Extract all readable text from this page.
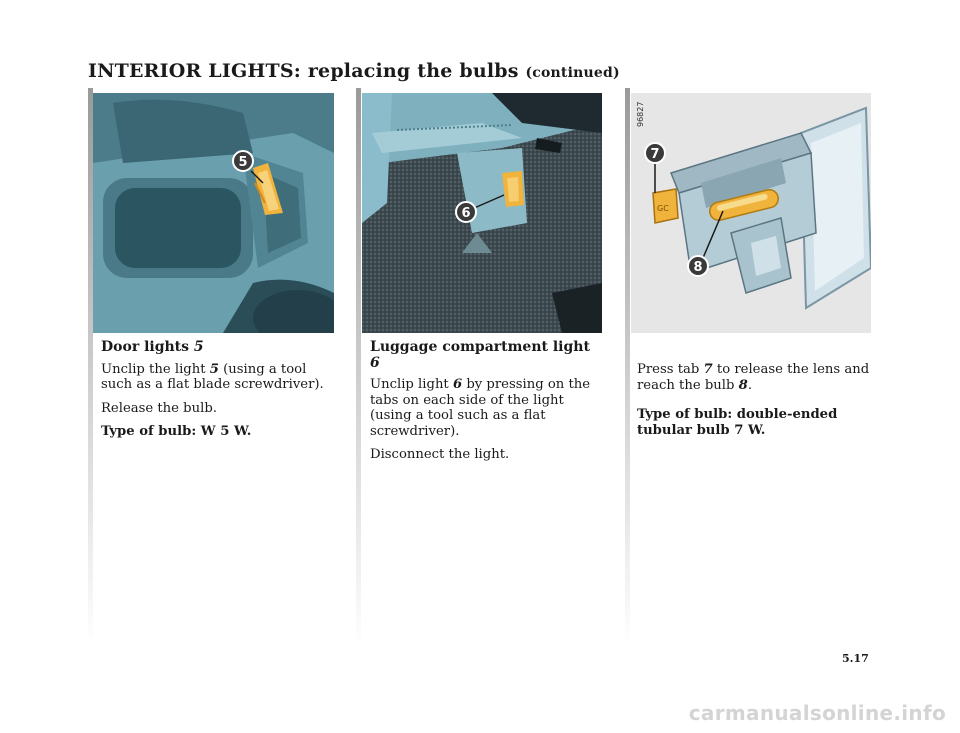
INTERIOR LIGHTS: replacing the bulbs (continued)
5
6	GC
96827
7
8

Door lights 5

Unclip the light 5 (using a tool such as a flat blade screwdriver).

Release the bulb.

Type of bulb: W 5 W.

Luggage compartment light 6

Unclip light 6 by pressing on the tabs on each side of the light (using a tool such as a flat screwdriver).

Disconnect the light.

Press tab 7 to release the lens and reach the bulb 8.

Type of bulb: double-ended tubular bulb 7 W.

5.17
carmanualsonline.info
